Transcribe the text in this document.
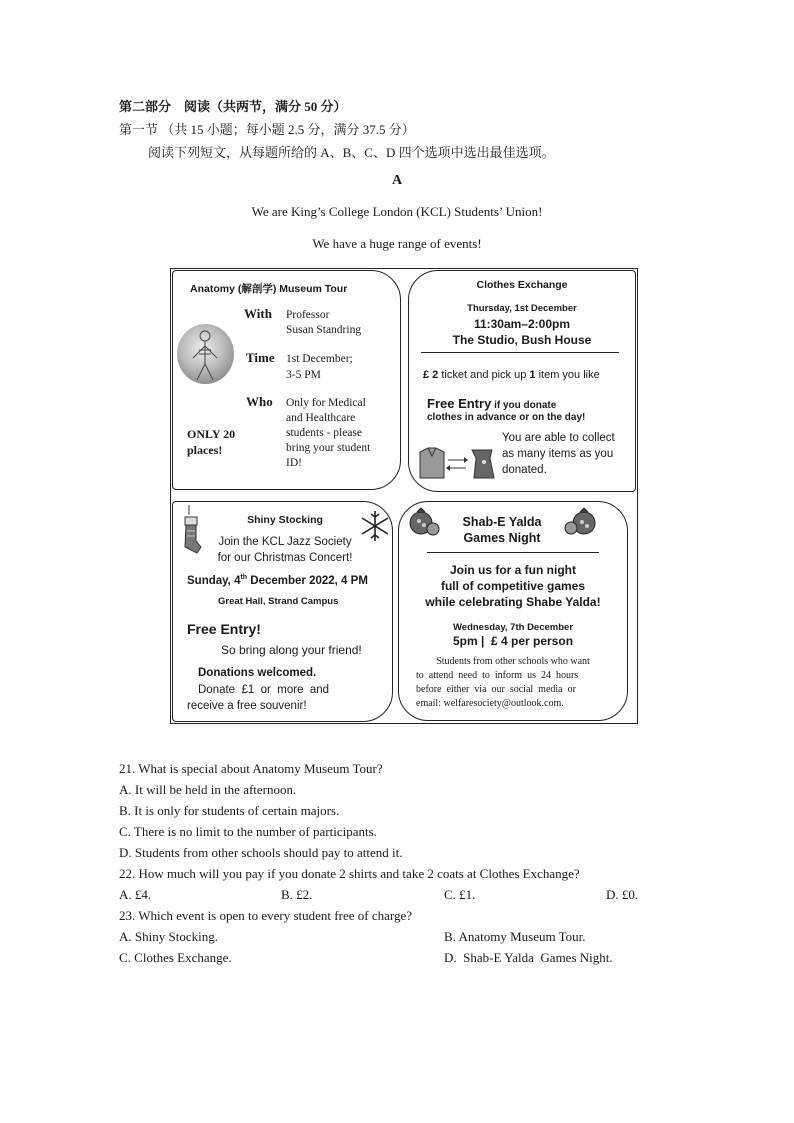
第二部分　阅读（共两节，满分 50 分）
第一节 （共 15 小题；每小题 2.5 分，满分 37.5 分）
阅读下列短文，从每题所给的 A、B、C、D 四个选项中选出最佳选项。
A
We are King’s College London (KCL) Students’ Union!
We have a huge range of events!
Anatomy (解剖学) Museum Tour
With Professor
Susan Standring
Time 1st December;
3-5 PM
Who Only for Medical
and Healthcare
students - please
bring your student
ID!
ONLY 20
places!
Clothes Exchange
Thursday, 1st December
11:30am–2:00pm
The Studio, Bush House
£ 2 ticket and pick up 1 item you like
Free Entry if you donate
clothes in advance or on the day!
You are able to collect
as many items as you
donated.
Shiny Stocking
Join the KCL Jazz Society
for our Christmas Concert!
Sunday, 4th December 2022, 4 PM
Great Hall, Strand Campus
Free Entry!
So bring along your friend!
Donations welcomed.
Donate  £1  or  more  and
receive a free souvenir!
Shab-E Yalda
Games Night
Join us for a fun night
full of competitive games
while celebrating Shabe Yalda!
Wednesday, 7th December
5pm |  £ 4 per person
Students from other schools who want
to  attend  need  to  inform  us  24  hours
before  either  via  our  social  media  or
email: welfaresociety@outlook.com.
21. What is special about Anatomy Museum Tour?
A. It will be held in the afternoon.
B. It is only for students of certain majors.
C. There is no limit to the number of participants.
D. Students from other schools should pay to attend it.
22. How much will you pay if you donate 2 shirts and take 2 coats at Clothes Exchange?
A. £4.	B. £2.	C. £1.	D. £0.
23. Which event is open to every student free of charge?
A. Shiny Stocking.	B. Anatomy Museum Tour.
C. Clothes Exchange.	D.  Shab-E Yalda  Games Night.
